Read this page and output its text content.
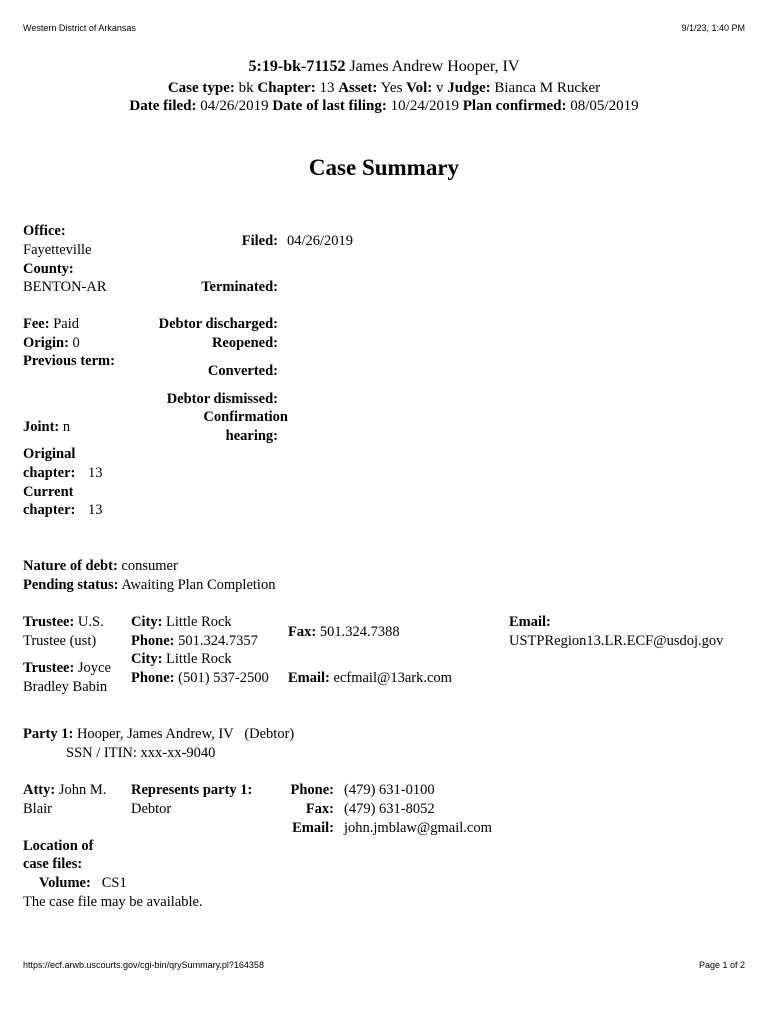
Western District of Arkansas	9/1/23, 1:40 PM
5:19-bk-71152 James Andrew Hooper, IV
Case type: bk Chapter: 13 Asset: Yes Vol: v Judge: Bianca M Rucker
Date filed: 04/26/2019 Date of last filing: 10/24/2019 Plan confirmed: 08/05/2019
Case Summary
Office:
Fayetteville
County:
BENTON-AR
Fee: Paid
Origin: 0
Previous term:
Joint: n
Original
chapter: 13
Current
chapter: 13
Filed: 04/26/2019
Terminated:
Debtor discharged:
Reopened:
Converted:
Debtor dismissed:
Confirmation
hearing:
Nature of debt: consumer
Pending status: Awaiting Plan Completion
Trustee: U.S.
Trustee (ust)
City: Little Rock
Phone: 501.324.7357
Fax: 501.324.7388
Email:
USTPRegion13.LR.ECF@usdoj.gov
Trustee: Joyce
Bradley Babin
City: Little Rock
Phone: (501) 537-2500 Email: ecfmail@13ark.com
Party 1: Hooper, James Andrew, IV (Debtor)
SSN / ITIN: xxx-xx-9040
Atty: John M.
Blair
Represents party 1:
Debtor
Phone: (479) 631-0100
Fax: (479) 631-8052
Email: john.jmblaw@gmail.com
Location of
case files:
Volume: CS1
The case file may be available.
https://ecf.arwb.uscourts.gov/cgi-bin/qrySummary.pl?164358	Page 1 of 2
